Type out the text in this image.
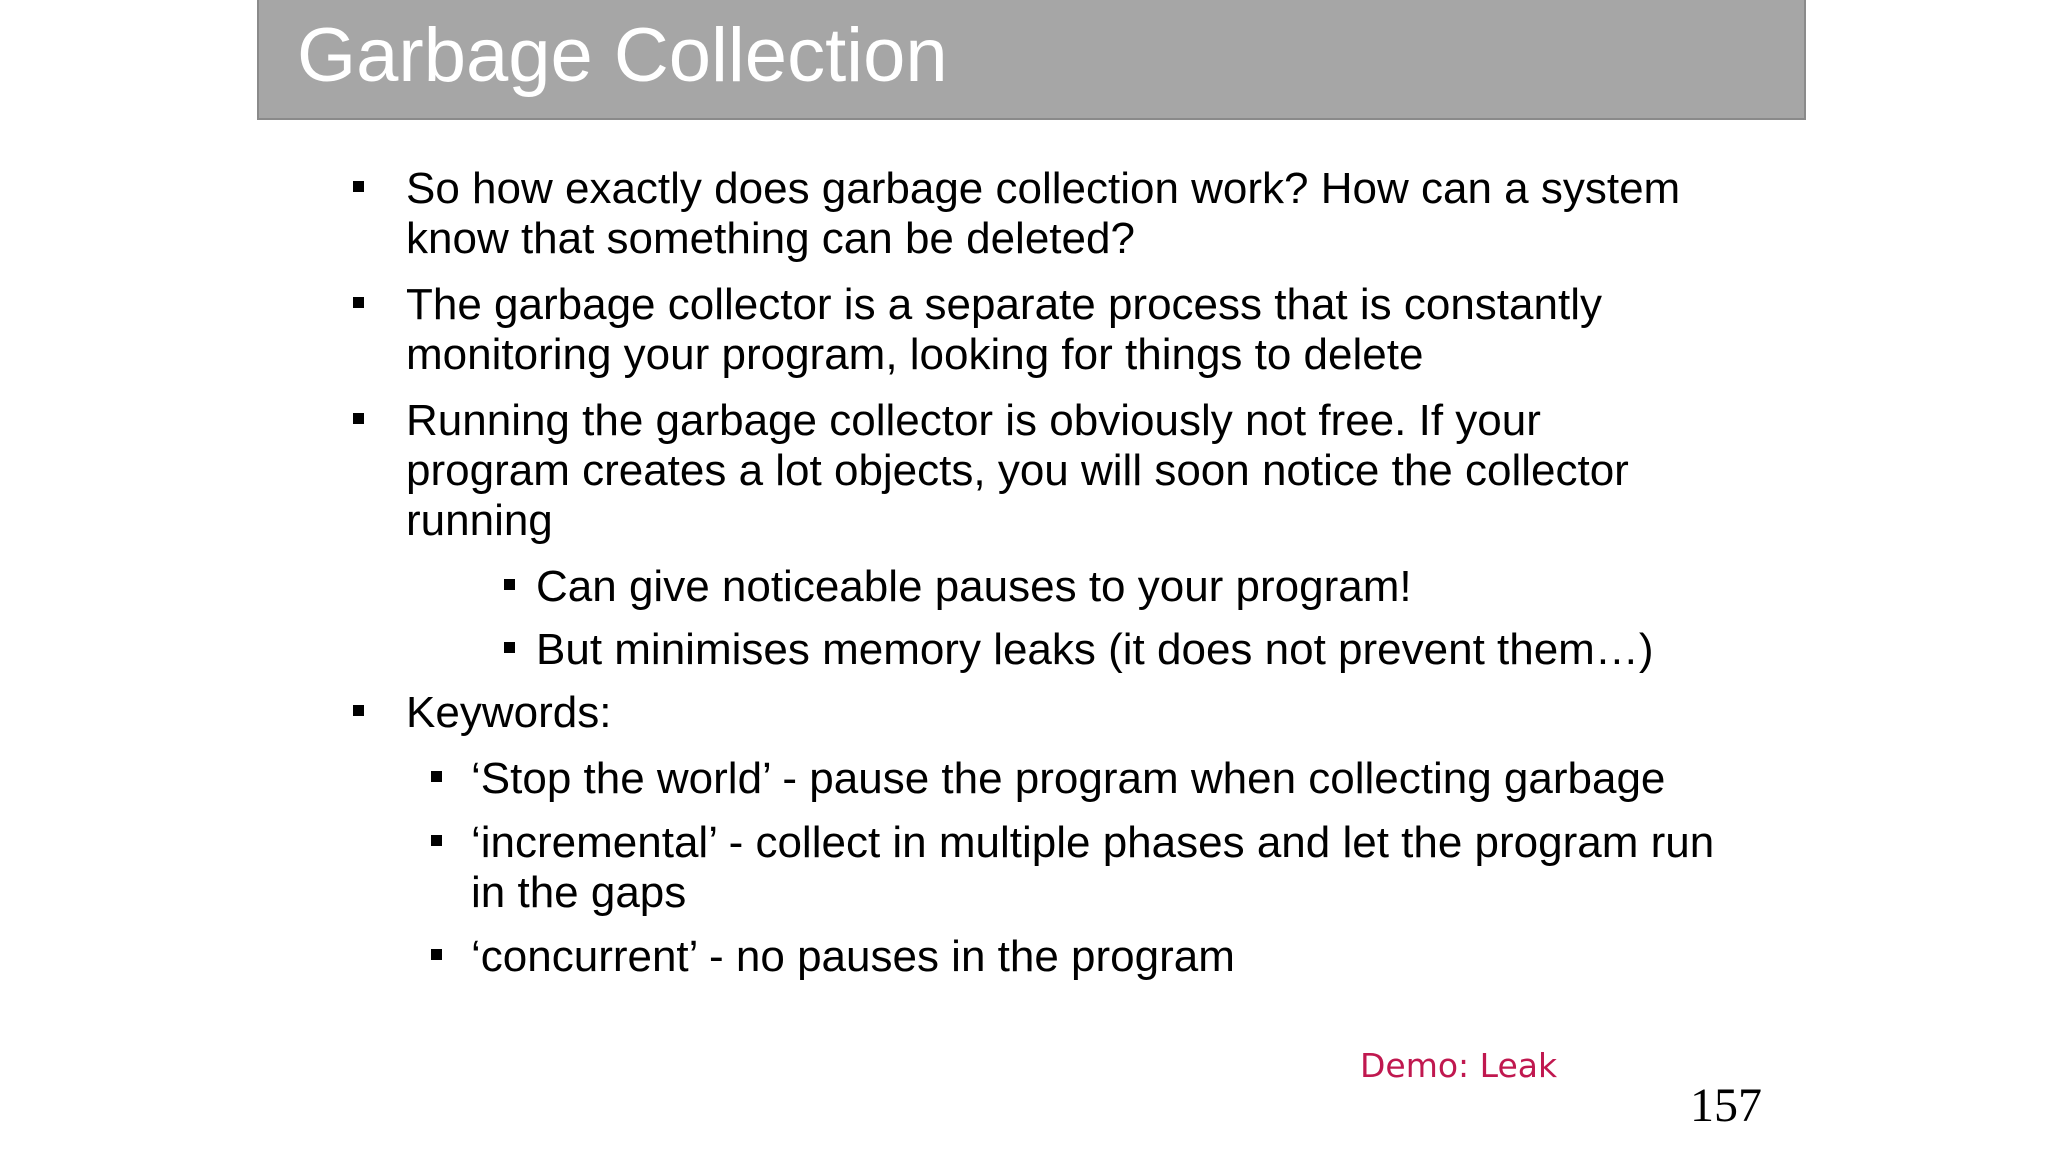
Garbage Collection
So how exactly does garbage collection work? How can a system know that something can be deleted?
The garbage collector is a separate process that is constantly monitoring your program, looking for things to delete
Running the garbage collector is obviously not free. If your program creates a lot objects, you will soon notice the collector running
Can give noticeable pauses to your program!
But minimises memory leaks (it does not prevent them…)
Keywords:
‘Stop the world’ - pause the program when collecting garbage
‘incremental’ - collect in multiple phases and let the program run in the gaps
‘concurrent’ - no pauses in the program
Demo: Leak
157
